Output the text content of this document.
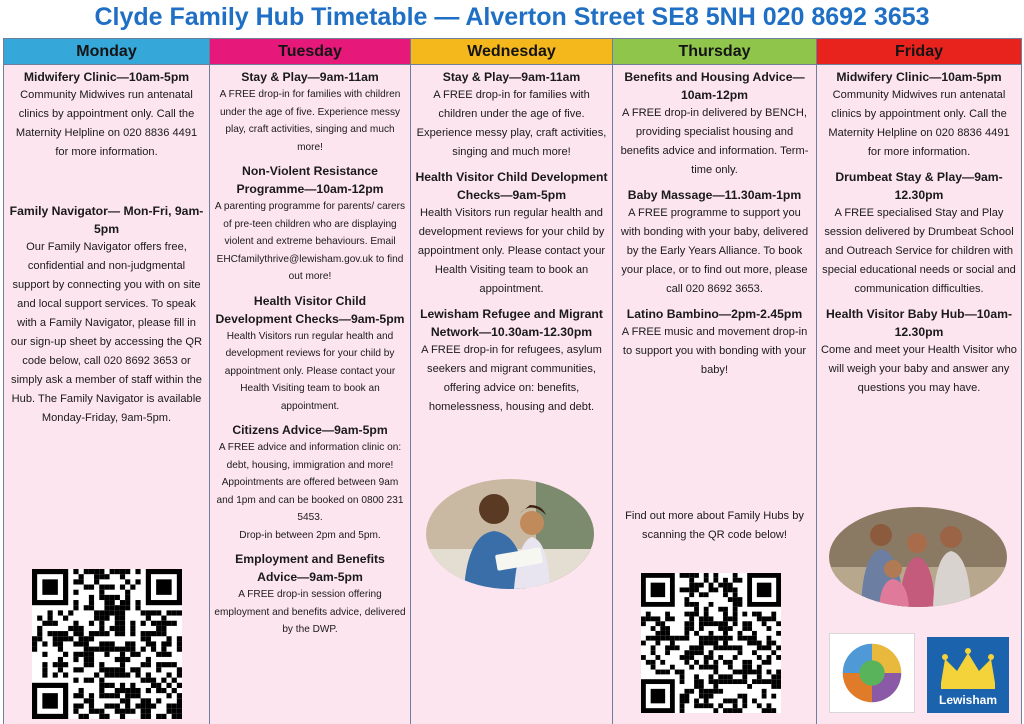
Clyde Family Hub Timetable — Alverton Street SE8 5NH 020 8692 3653
Monday
Midwifery Clinic—10am-5pm
Community Midwives run antenatal clinics by appointment only. Call the Maternity Helpline on 020 8836 4491 for more information.
Family Navigator— Mon-Fri, 9am-5pm
Our Family Navigator offers free, confidential and non-judgmental support by connecting you with on site and local support services. To speak with a Family Navigator, please fill in our sign-up sheet by accessing the QR code below, call 020 8692 3653 or simply ask a member of staff within the Hub. The Family Navigator is available Monday-Friday, 9am-5pm.
Tuesday
Stay & Play—9am-11am
A FREE drop-in for families with children under the age of five. Experience messy play, craft activities, singing and much more!
Non-Violent Resistance Programme—10am-12pm
A parenting programme for parents/ carers of pre-teen children who are displaying violent and extreme behaviours. Email EHCfamilythrive@lewisham.gov.uk to find out more!
Health Visitor Child Development Checks—9am-5pm
Health Visitors run regular health and development reviews for your child by appointment only. Please contact your Health Visiting team to book an appointment.
Citizens Advice—9am-5pm
A FREE advice and information clinic on: debt, housing, immigration and more! Appointments are offered between 9am and 1pm and can be booked on 0800 231 5453.
Drop-in between 2pm and 5pm.
Employment and Benefits Advice—9am-5pm
A FREE drop-in session offering employment and benefits advice, delivered by the DWP.
Wednesday
Stay & Play—9am-11am
A FREE drop-in for families with children under the age of five. Experience messy play, craft activities, singing and much more!
Health Visitor Child Development Checks—9am-5pm
Health Visitors run regular health and development reviews for your child by appointment only. Please contact your Health Visiting team to book an appointment.
Lewisham Refugee and Migrant Network—10.30am-12.30pm
A FREE drop-in for refugees, asylum seekers and migrant communities, offering advice on: benefits, homelessness, housing and debt.
Thursday
Benefits and Housing Advice—10am-12pm
A FREE drop-in delivered by BENCH, providing specialist housing and benefits advice and information. Term-time only.
Baby Massage—11.30am-1pm
A FREE programme to support you with bonding with your baby, delivered by the Early Years Alliance. To book your place, or to find out more, please call 020 8692 3653.
Latino Bambino—2pm-2.45pm
A FREE music and movement drop-in to support you with bonding with your baby!
Find out more about Family Hubs by scanning the QR code below!
Friday
Midwifery Clinic—10am-5pm
Community Midwives run antenatal clinics by appointment only. Call the Maternity Helpline on 020 8836 4491 for more information.
Drumbeat Stay & Play—9am-12.30pm
A FREE specialised Stay and Play session delivered by Drumbeat School and Outreach Service for children with special educational needs or social and communication difficulties.
Health Visitor Baby Hub—10am-12.30pm
Come and meet your Health Visitor who will weigh your baby and answer any questions you may have.
Lewisham
